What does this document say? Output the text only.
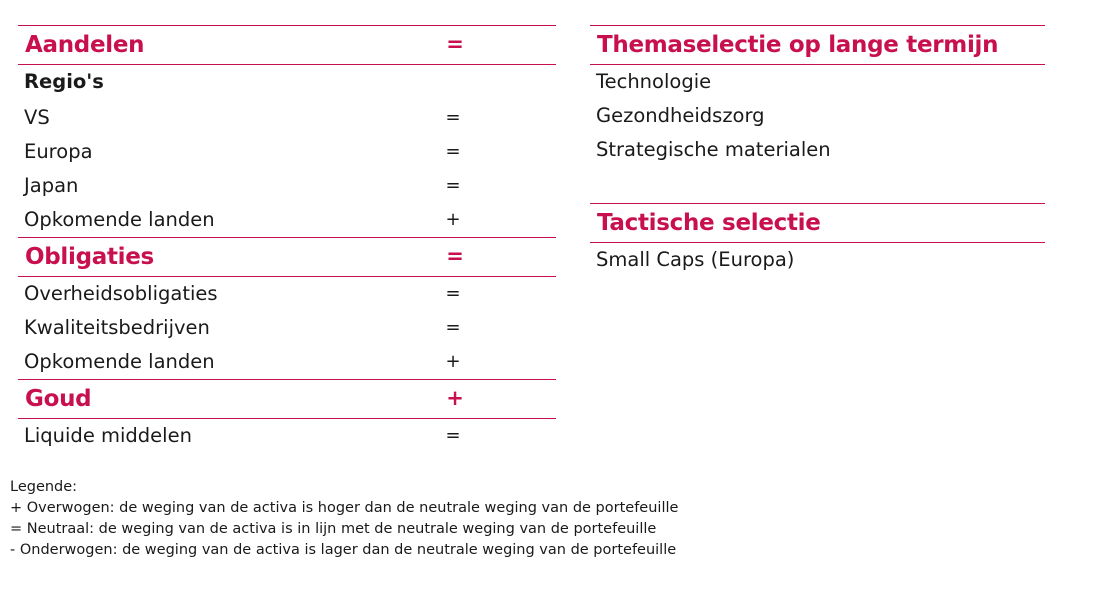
Aandelen	=
Regio's
VS	=
Europa	=
Japan	=
Opkomende landen	+
Obligaties	=
Overheidsobligaties	=
Kwaliteitsbedrijven	=
Opkomende landen	+
Goud	+
Liquide middelen	=
Themaselectie op lange termijn
Technologie
Gezondheidszorg
Strategische materialen
Tactische selectie
Small Caps (Europa)
Legende:
+ Overwogen: de weging van de activa is hoger dan de neutrale weging van de portefeuille
= Neutraal: de weging van de activa is in lijn met de neutrale weging van de portefeuille
- Onderwogen: de weging van de activa is lager dan de neutrale weging van de portefeuille
